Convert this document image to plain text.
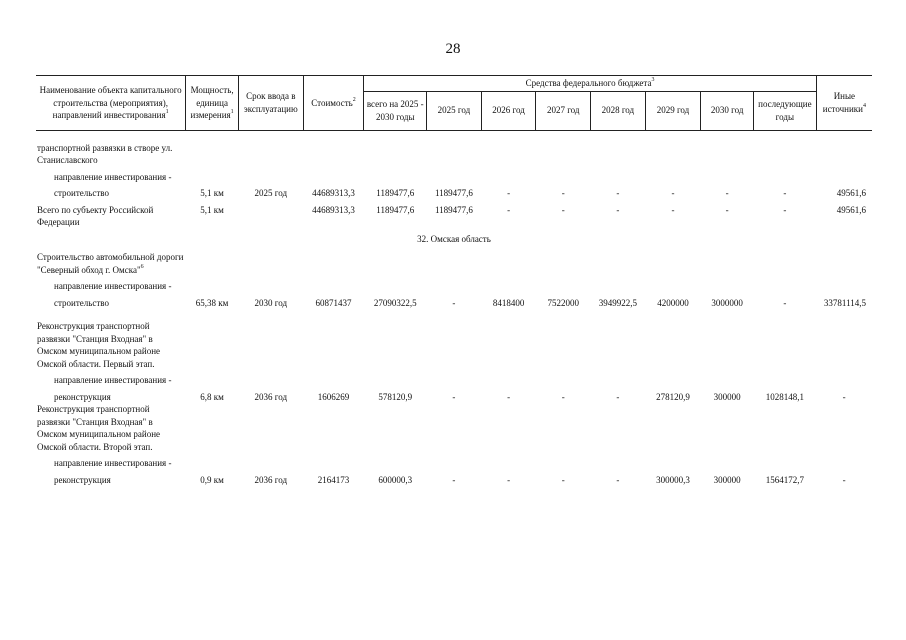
28
Наименование объекта капитального строительства (мероприятия), направлений инвестирования$^1$	Мощность, единица измерения$^1$	Срок ввода в эксплуатацию	Стоимость$^2$	Средства федерального бюджета$^3$								Иные источники$^4$
				всего на 2025 - 2030 годы	2025 год	2026 год	2027 год	2028 год	2029 год	2030 год	последующие годы	

транспортной развязки в створе ул. Станиславского												
направление инвестирования -												
строительство	5,1 км	2025 год	44689313,3	1189477,6	1189477,6	-	-	-	-	-	-	49561,6
Всего по субъекту Российской Федерации	5,1 км		44689313,3	1189477,6	1189477,6	-	-	-	-	-	-	49561,6
32. Омская область												
Строительство автомобильной дороги "Северный обход г. Омска"$^6$												
направление инвестирования -												
строительство	65,38 км	2030 год	60871437	27090322,5	-	8418400	7522000	3949922,5	4200000	3000000	-	33781114,5

Реконструкция транспортной развязки "Станция Входная" в Омском муниципальном районе Омской области. Первый этап.												
направление инвестирования -												
реконструкция	6,8 км	2036 год	1606269	578120,9	-	-	-	-	278120,9	300000	1028148,1	-
Реконструкция транспортной развязки "Станция Входная" в Омском муниципальном районе Омской области. Второй этап.												
направление инвестирования -												
реконструкция	0,9 км	2036 год	2164173	600000,3	-	-	-	-	300000,3	300000	1564172,7	-
